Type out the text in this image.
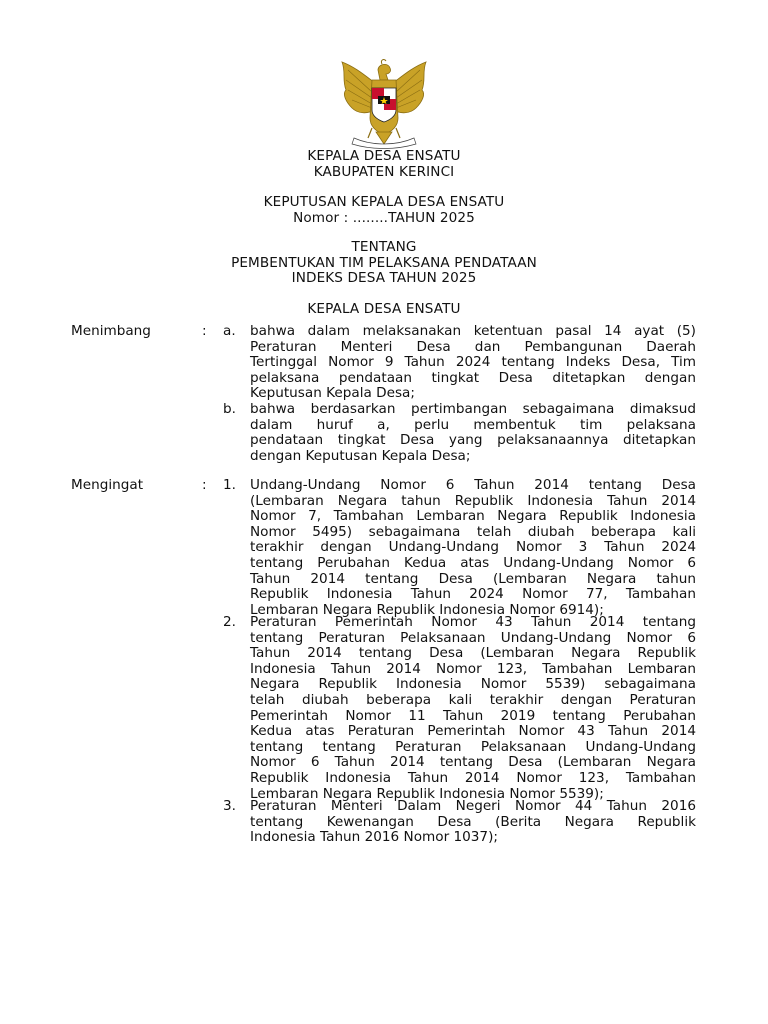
KEPALA DESA ENSATU
KABUPATEN KERINCI
KEPUTUSAN KEPALA DESA ENSATU
Nomor : ........TAHUN 2025
TENTANG
PEMBENTUKAN TIM PELAKSANA PENDATAAN
INDEKS DESA TAHUN 2025
KEPALA DESA ENSATU
Menimbang	: a. bahwa dalam melaksanakan ketentuan pasal 14 ayat (5)
Peraturan Menteri Desa dan Pembangunan Daerah
Tertinggal Nomor 9 Tahun 2024 tentang Indeks Desa, Tim
pelaksana pendataan tingkat Desa ditetapkan dengan
Keputusan Kepala Desa;
b. bahwa berdasarkan pertimbangan sebagaimana dimaksud
dalam huruf a, perlu membentuk tim pelaksana
pendataan tingkat Desa yang pelaksanaannya ditetapkan
dengan Keputusan Kepala Desa;
Mengingat	: 1. Undang-Undang Nomor 6 Tahun 2014 tentang Desa
(Lembaran Negara tahun Republik Indonesia Tahun 2014
Nomor 7, Tambahan Lembaran Negara Republik Indonesia
Nomor 5495) sebagaimana telah diubah beberapa kali
terakhir dengan Undang-Undang Nomor 3 Tahun 2024
tentang Perubahan Kedua atas Undang-Undang Nomor 6
Tahun 2014 tentang Desa (Lembaran Negara tahun
Republik Indonesia Tahun 2024 Nomor 77, Tambahan
Lembaran Negara Republik Indonesia Nomor 6914);
2. Peraturan Pemerintah Nomor 43 Tahun 2014 tentang
tentang Peraturan Pelaksanaan Undang-Undang Nomor 6
Tahun 2014 tentang Desa (Lembaran Negara Republik
Indonesia Tahun 2014 Nomor 123, Tambahan Lembaran
Negara Republik Indonesia Nomor 5539) sebagaimana
telah diubah beberapa kali terakhir dengan Peraturan
Pemerintah Nomor 11 Tahun 2019 tentang Perubahan
Kedua atas Peraturan Pemerintah Nomor 43 Tahun 2014
tentang tentang Peraturan Pelaksanaan Undang-Undang
Nomor 6 Tahun 2014 tentang Desa (Lembaran Negara
Republik Indonesia Tahun 2014 Nomor 123, Tambahan
Lembaran Negara Republik Indonesia Nomor 5539);
3. Peraturan Menteri Dalam Negeri Nomor 44 Tahun 2016
tentang Kewenangan Desa (Berita Negara Republik
Indonesia Tahun 2016 Nomor 1037);
